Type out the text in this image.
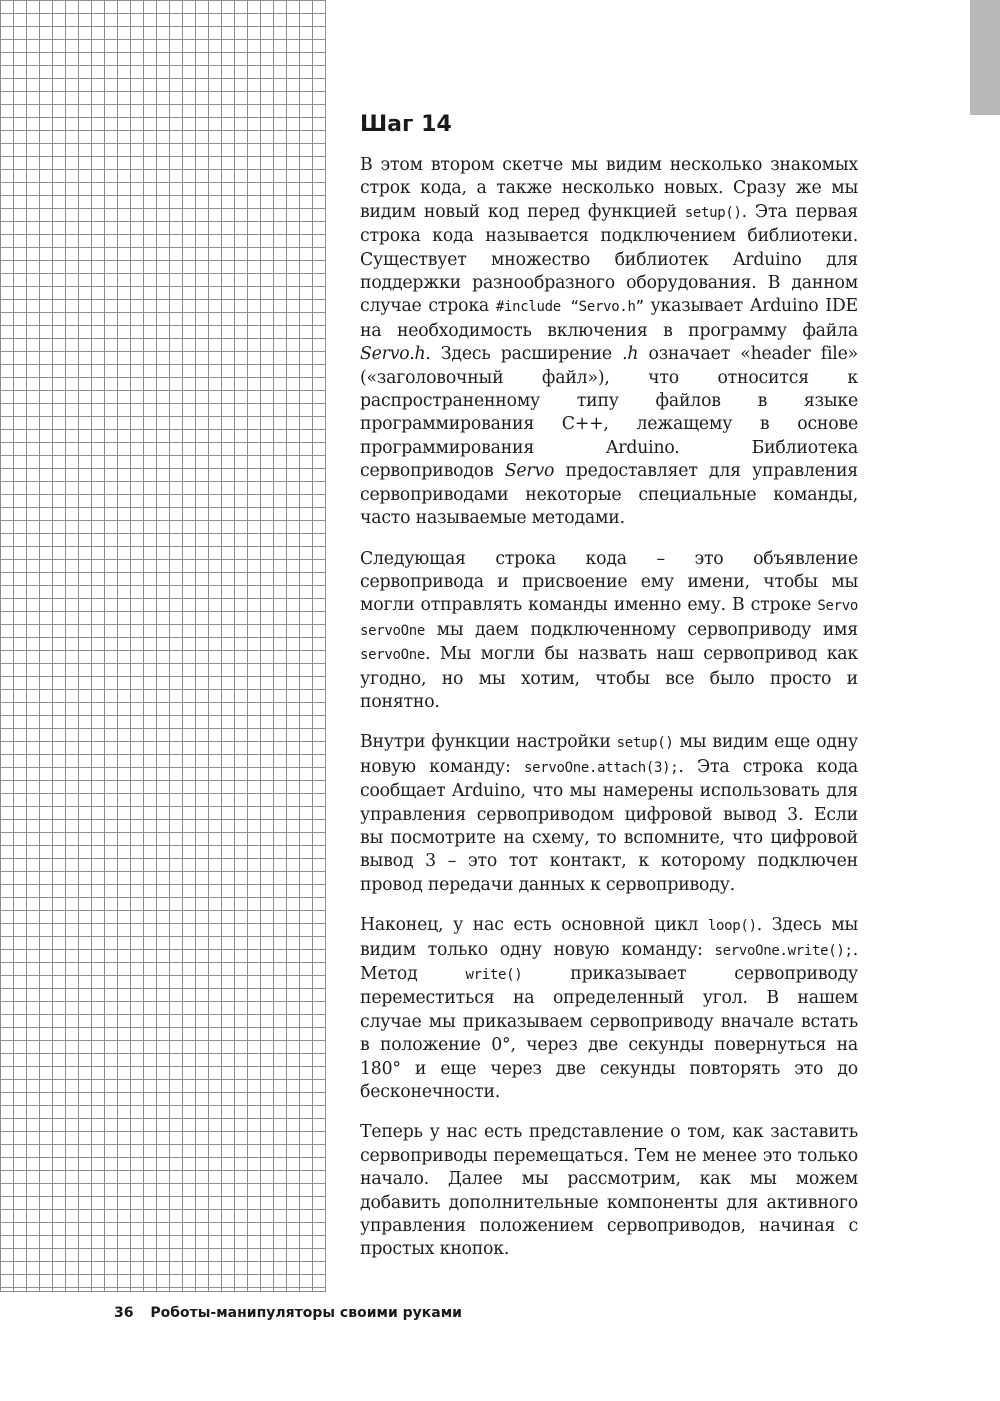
Шаг 14

В этом втором скетче мы видим несколько знакомых строк кода, а также несколько новых. Сразу же мы видим новый код перед функцией setup(). Эта первая строка кода называется подключением библиотеки. Существует множество библиотек Arduino для поддержки разнообразного оборудования. В данном случае строка #include “Servo.h” указывает Arduino IDE на необходимость включения в программу файла Servo.h. Здесь расширение .h означает «header file» («заголовочный файл»), что относится к распространенному типу файлов в языке программирования C++, лежащему в основе программирования Arduino. Библиотека сервоприводов Servo предоставляет для управления сервоприводами некоторые специальные команды, часто называемые методами.

Следующая строка кода – это объявление сервопривода и присвоение ему имени, чтобы мы могли отправлять команды именно ему. В строке Servo servoOne мы даем подключенному сервоприводу имя servoOne. Мы могли бы назвать наш сервопривод как угодно, но мы хотим, чтобы все было просто и понятно.

Внутри функции настройки setup() мы видим еще одну новую команду: servoOne.attach(3);. Эта строка кода сообщает Arduino, что мы намерены использовать для управления сервоприводом цифровой вывод 3. Если вы посмотрите на схему, то вспомните, что цифровой вывод 3 – это тот контакт, к которому подключен провод передачи данных к сервоприводу.

Наконец, у нас есть основной цикл loop(). Здесь мы видим только одну новую команду: servoOne.write();. Метод write() приказывает сервоприводу переместиться на определенный угол. В нашем случае мы приказываем сервоприводу вначале встать в положение 0°, через две секунды повернуться на 180° и еще через две секунды повторять это до бесконечности.

Теперь у нас есть представление о том, как заставить сервоприводы перемещаться. Тем не менее это только начало. Далее мы рассмотрим, как мы можем добавить дополнительные компоненты для активного управления положением сервоприводов, начиная с простых кнопок.

36 Роботы-манипуляторы своими руками
